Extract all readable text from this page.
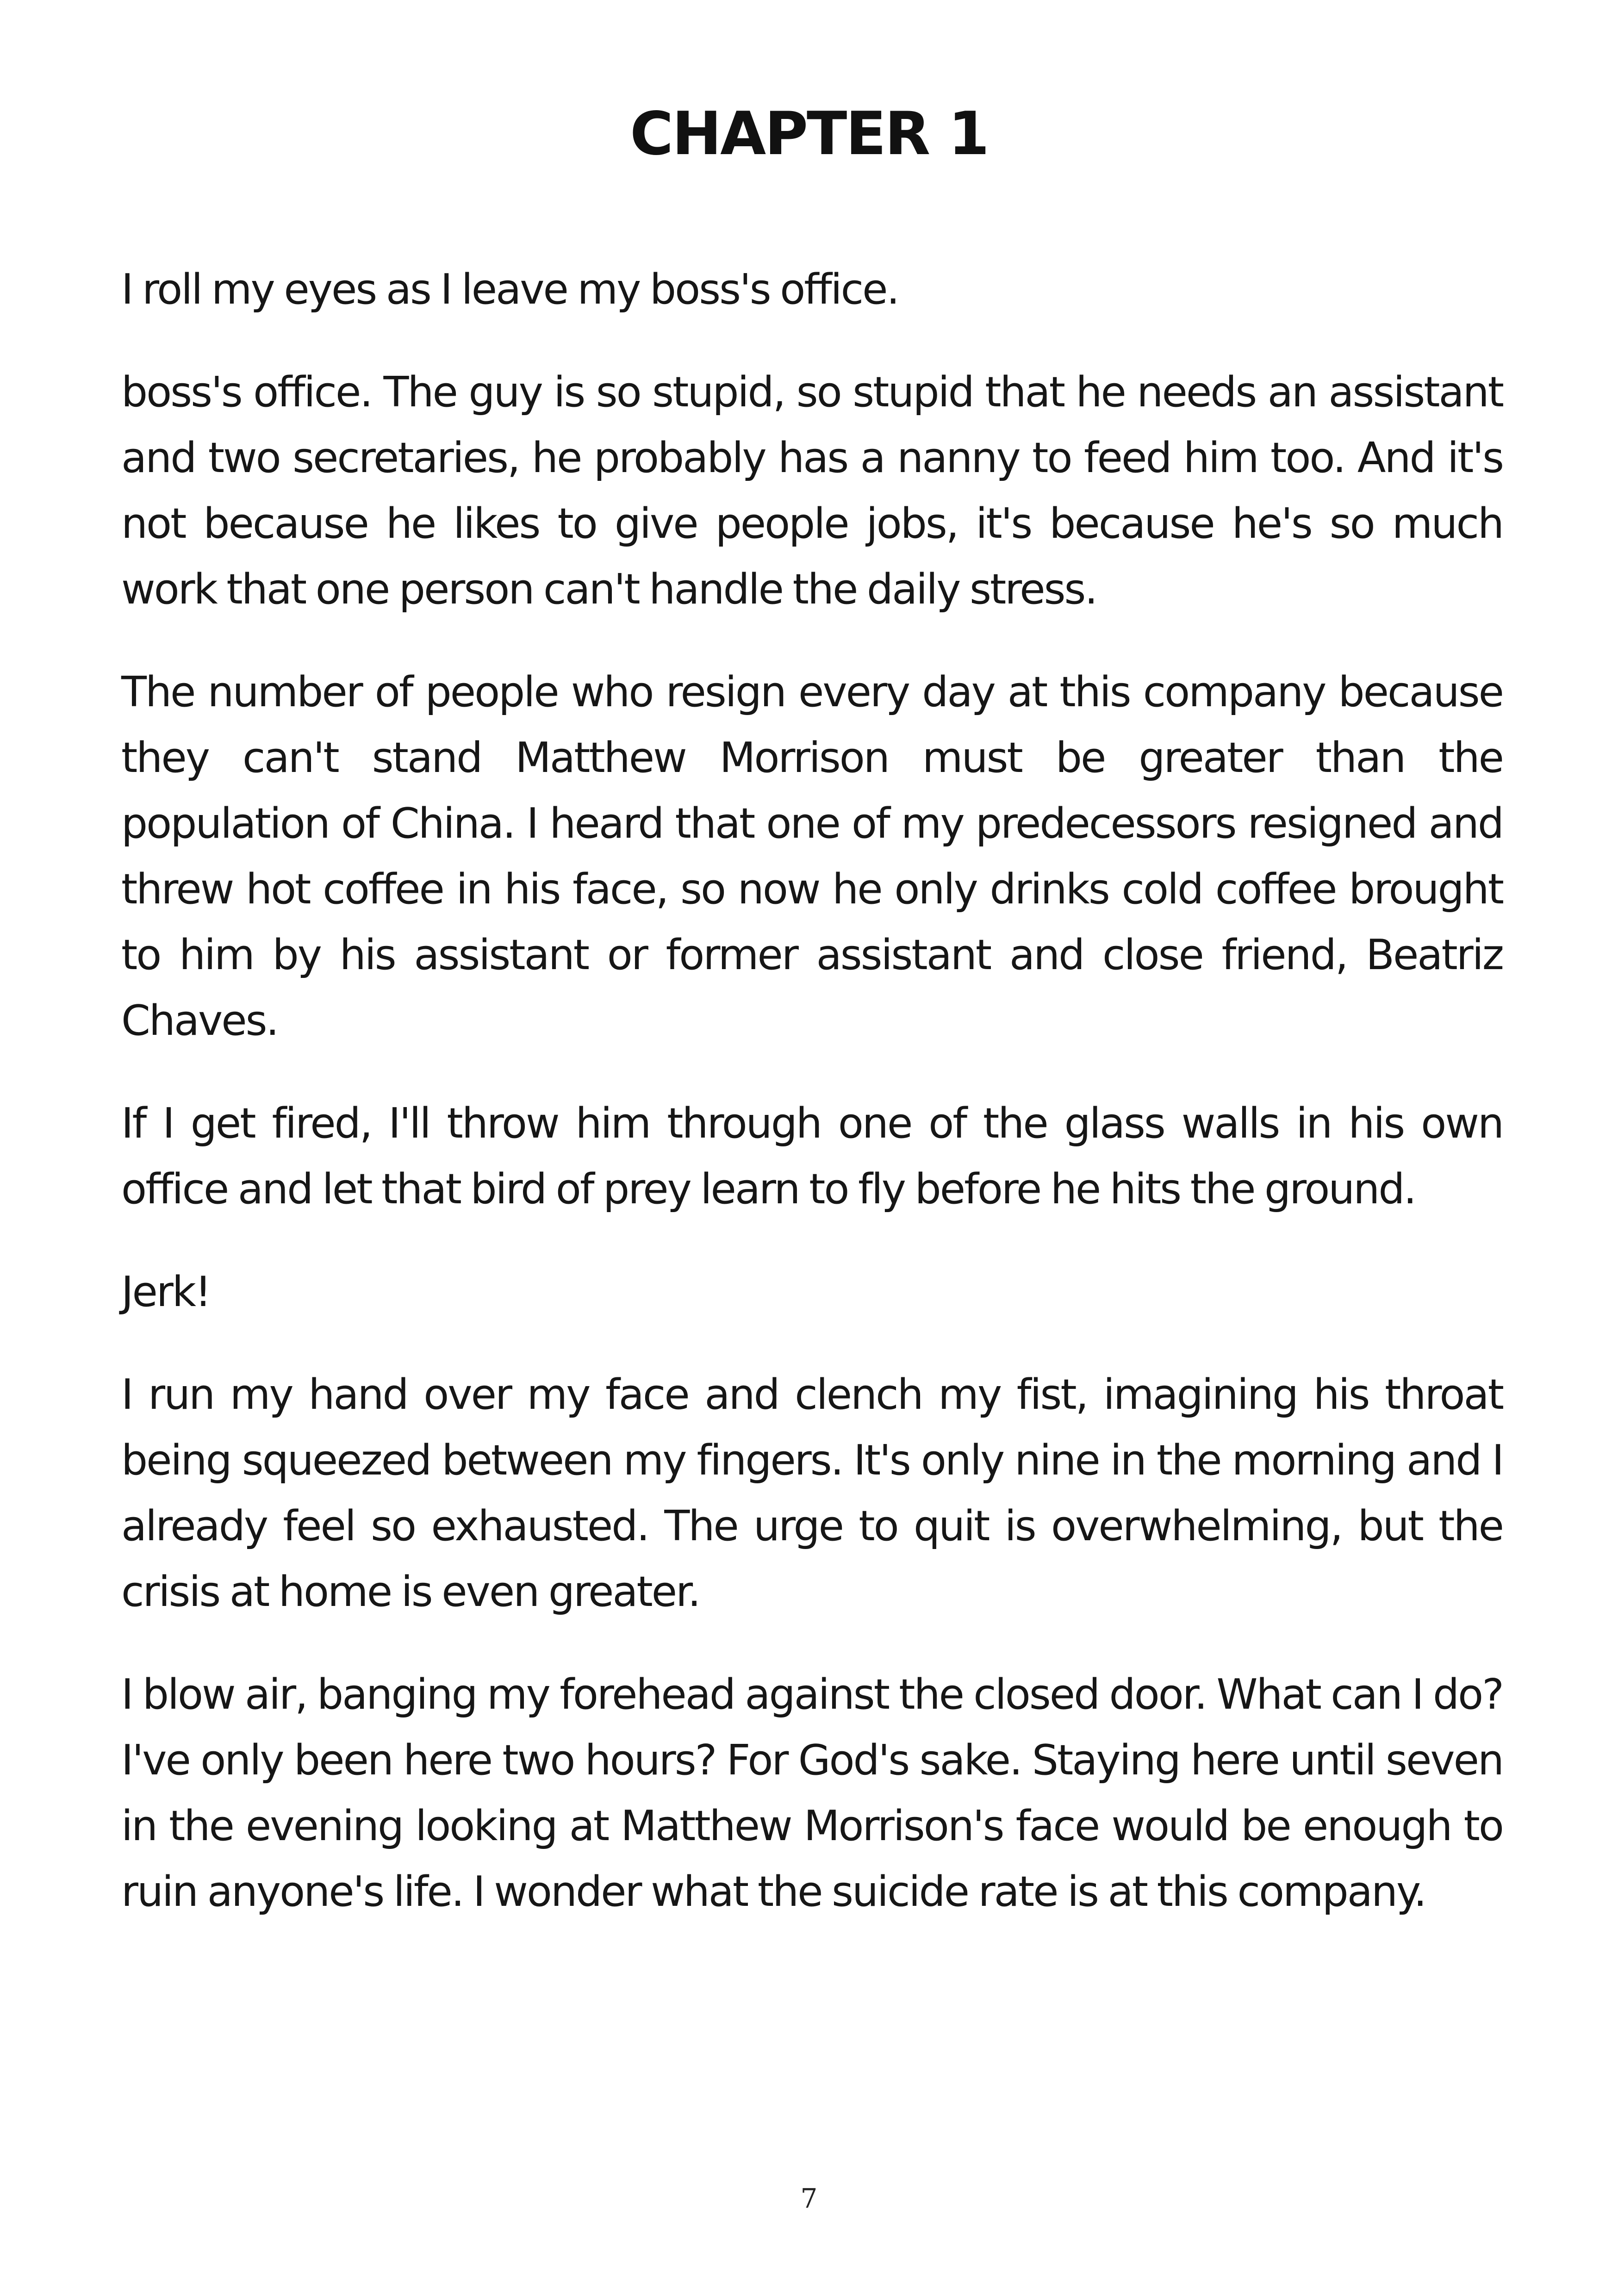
CHAPTER 1

I roll my eyes as I leave my boss's office.

boss's office. The guy is so stupid, so stupid that he needs an assistant and two secretaries, he probably has a nanny to feed him too. And it's not because he likes to give people jobs, it's because he's so much work that one person can't handle the daily stress.

The number of people who resign every day at this company because they can't stand Matthew Morrison must be greater than the population of China. I heard that one of my predecessors resigned and threw hot coffee in his face, so now he only drinks cold coffee brought to him by his assistant or former assistant and close friend, Beatriz Chaves.

If I get fired, I'll throw him through one of the glass walls in his own office and let that bird of prey learn to fly before he hits the ground.

Jerk!

I run my hand over my face and clench my fist, imagining his throat being squeezed between my fingers. It's only nine in the morning and I already feel so exhausted. The urge to quit is overwhelming, but the crisis at home is even greater.

I blow air, banging my forehead against the closed door. What can I do? I've only been here two hours? For God's sake. Staying here until seven in the evening looking at Matthew Morrison's face would be enough to ruin anyone's life. I wonder what the suicide rate is at this company.

7
